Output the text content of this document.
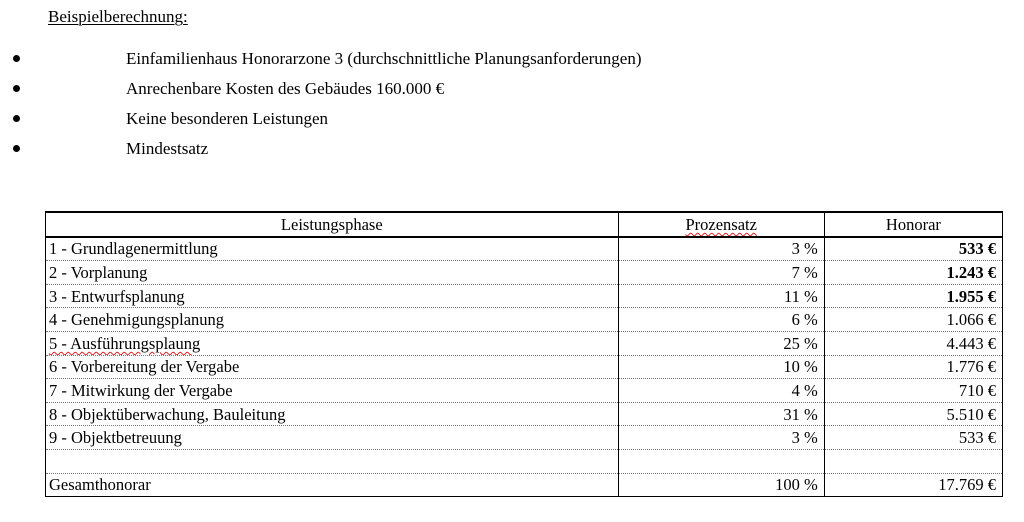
Beispielberechnung:

Einfamilienhaus Honorarzone 3 (durchschnittliche Planungsanforderungen)
Anrechenbare Kosten des Gebäudes 160.000 €
Keine besonderen Leistungen
Mindestsatz
Leistungsphase	Prozensatz	Honorar
1 - Grundlagenermittlung	3 %	533 €
2 - Vorplanung	7 %	1.243 €
3 - Entwurfsplanung	11 %	1.955 €
4 - Genehmigungsplanung	6 %	1.066 €
5 - Ausführungsplaung	25 %	4.443 €
6 - Vorbereitung der Vergabe	10 %	1.776 €
7 - Mitwirkung der Vergabe	4 %	710 €
8 - Objektüberwachung, Bauleitung	31 %	5.510 €
9 - Objektbetreuung	3 %	533 €

Gesamthonorar	100 %	17.769 €
